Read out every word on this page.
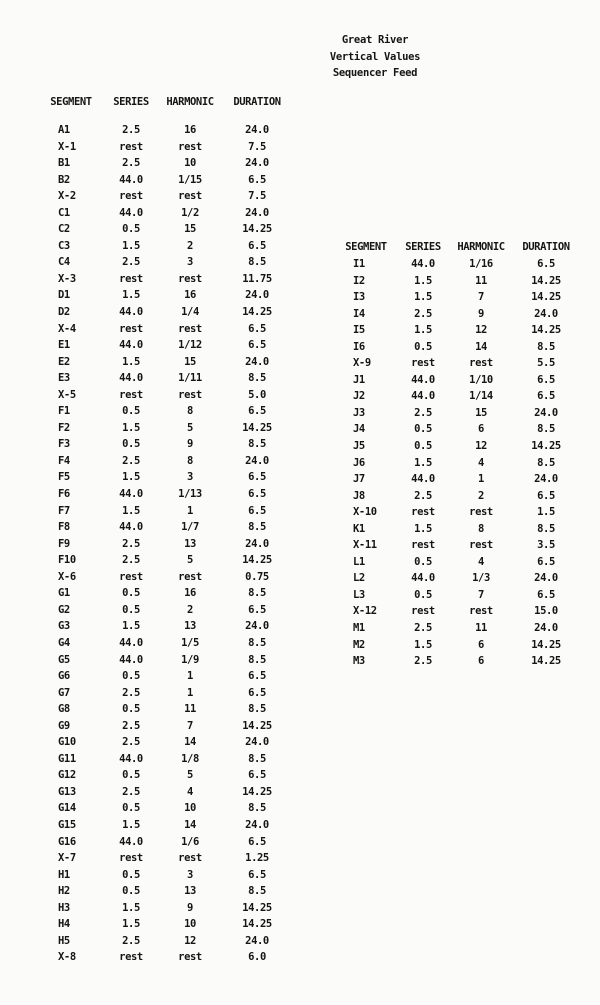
Great River
Vertical Values
Sequencer Feed
SEGMENT	SERIES	HARMONIC	DURATION
A1	2.5	16	24.0
X-1	rest	rest	7.5
B1	2.5	10	24.0
B2	44.0	1/15	6.5
X-2	rest	rest	7.5
C1	44.0	1/2	24.0
C2	0.5	15	14.25
C3	1.5	2	6.5
C4	2.5	3	8.5
X-3	rest	rest	11.75
D1	1.5	16	24.0
D2	44.0	1/4	14.25
X-4	rest	rest	6.5
E1	44.0	1/12	6.5
E2	1.5	15	24.0
E3	44.0	1/11	8.5
X-5	rest	rest	5.0
F1	0.5	8	6.5
F2	1.5	5	14.25
F3	0.5	9	8.5
F4	2.5	8	24.0
F5	1.5	3	6.5
F6	44.0	1/13	6.5
F7	1.5	1	6.5
F8	44.0	1/7	8.5
F9	2.5	13	24.0
F10	2.5	5	14.25
X-6	rest	rest	0.75
G1	0.5	16	8.5
G2	0.5	2	6.5
G3	1.5	13	24.0
G4	44.0	1/5	8.5
G5	44.0	1/9	8.5
G6	0.5	1	6.5
G7	2.5	1	6.5
G8	0.5	11	8.5
G9	2.5	7	14.25
G10	2.5	14	24.0
G11	44.0	1/8	8.5
G12	0.5	5	6.5
G13	2.5	4	14.25
G14	0.5	10	8.5
G15	1.5	14	24.0
G16	44.0	1/6	6.5
X-7	rest	rest	1.25
H1	0.5	3	6.5
H2	0.5	13	8.5
H3	1.5	9	14.25
H4	1.5	10	14.25
H5	2.5	12	24.0
X-8	rest	rest	6.0
SEGMENT	SERIES	HARMONIC	DURATION
I1	44.0	1/16	6.5
I2	1.5	11	14.25
I3	1.5	7	14.25
I4	2.5	9	24.0
I5	1.5	12	14.25
I6	0.5	14	8.5
X-9	rest	rest	5.5
J1	44.0	1/10	6.5
J2	44.0	1/14	6.5
J3	2.5	15	24.0
J4	0.5	6	8.5
J5	0.5	12	14.25
J6	1.5	4	8.5
J7	44.0	1	24.0
J8	2.5	2	6.5
X-10	rest	rest	1.5
K1	1.5	8	8.5
X-11	rest	rest	3.5
L1	0.5	4	6.5
L2	44.0	1/3	24.0
L3	0.5	7	6.5
X-12	rest	rest	15.0
M1	2.5	11	24.0
M2	1.5	6	14.25
M3	2.5	6	14.25
